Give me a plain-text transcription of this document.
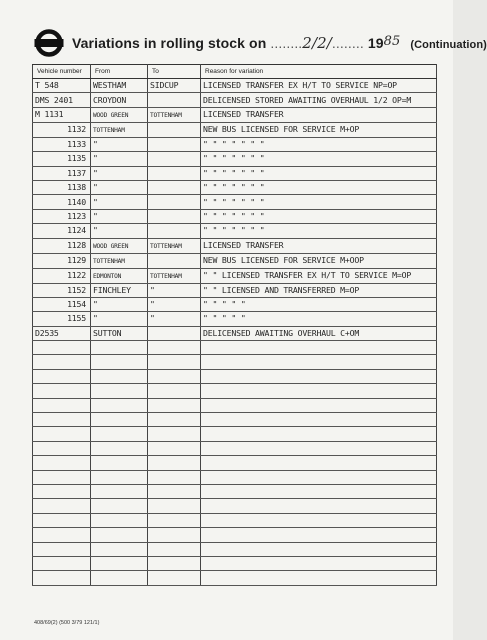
Variations in rolling stock on ........2/2/........ 1985 (Continuation)
Vehicle number	From	To	Reason for variation
T 548	WESTHAM	SIDCUP	LICENSED TRANSFER EX H/T TO SERVICE NP=OP
DMS 2401	CROYDON		DELICENSED STORED AWAITING OVERHAUL 1/2 OP=M
M 1131	WOOD GREEN	TOTTENHAM	LICENSED TRANSFER
1132	TOTTENHAM		NEW BUS LICENSED FOR SERVICE M+OP
1133	"		" " " " " " "
1135	"		" " " " " " "
1137	"		" " " " " " "
1138	"		" " " " " " "
1140	"		" " " " " " "
1123	"		" " " " " " "
1124	"		" " " " " " "
1128	WOOD GREEN	TOTTENHAM	LICENSED TRANSFER
1129	TOTTENHAM		NEW BUS LICENSED FOR SERVICE M+OOP
1122	EDMONTON	TOTTENHAM	" " LICENSED TRANSFER EX H/T TO SERVICE M=OP
1152	FINCHLEY	"	" " LICENSED AND TRANSFERRED M=OP
1154	"	"	" " " " "
1155	"	"	" " " " "
D2535	SUTTON		DELICENSED AWAITING OVERHAUL C+OM

408/69(2) (500 3/79 121/1)
